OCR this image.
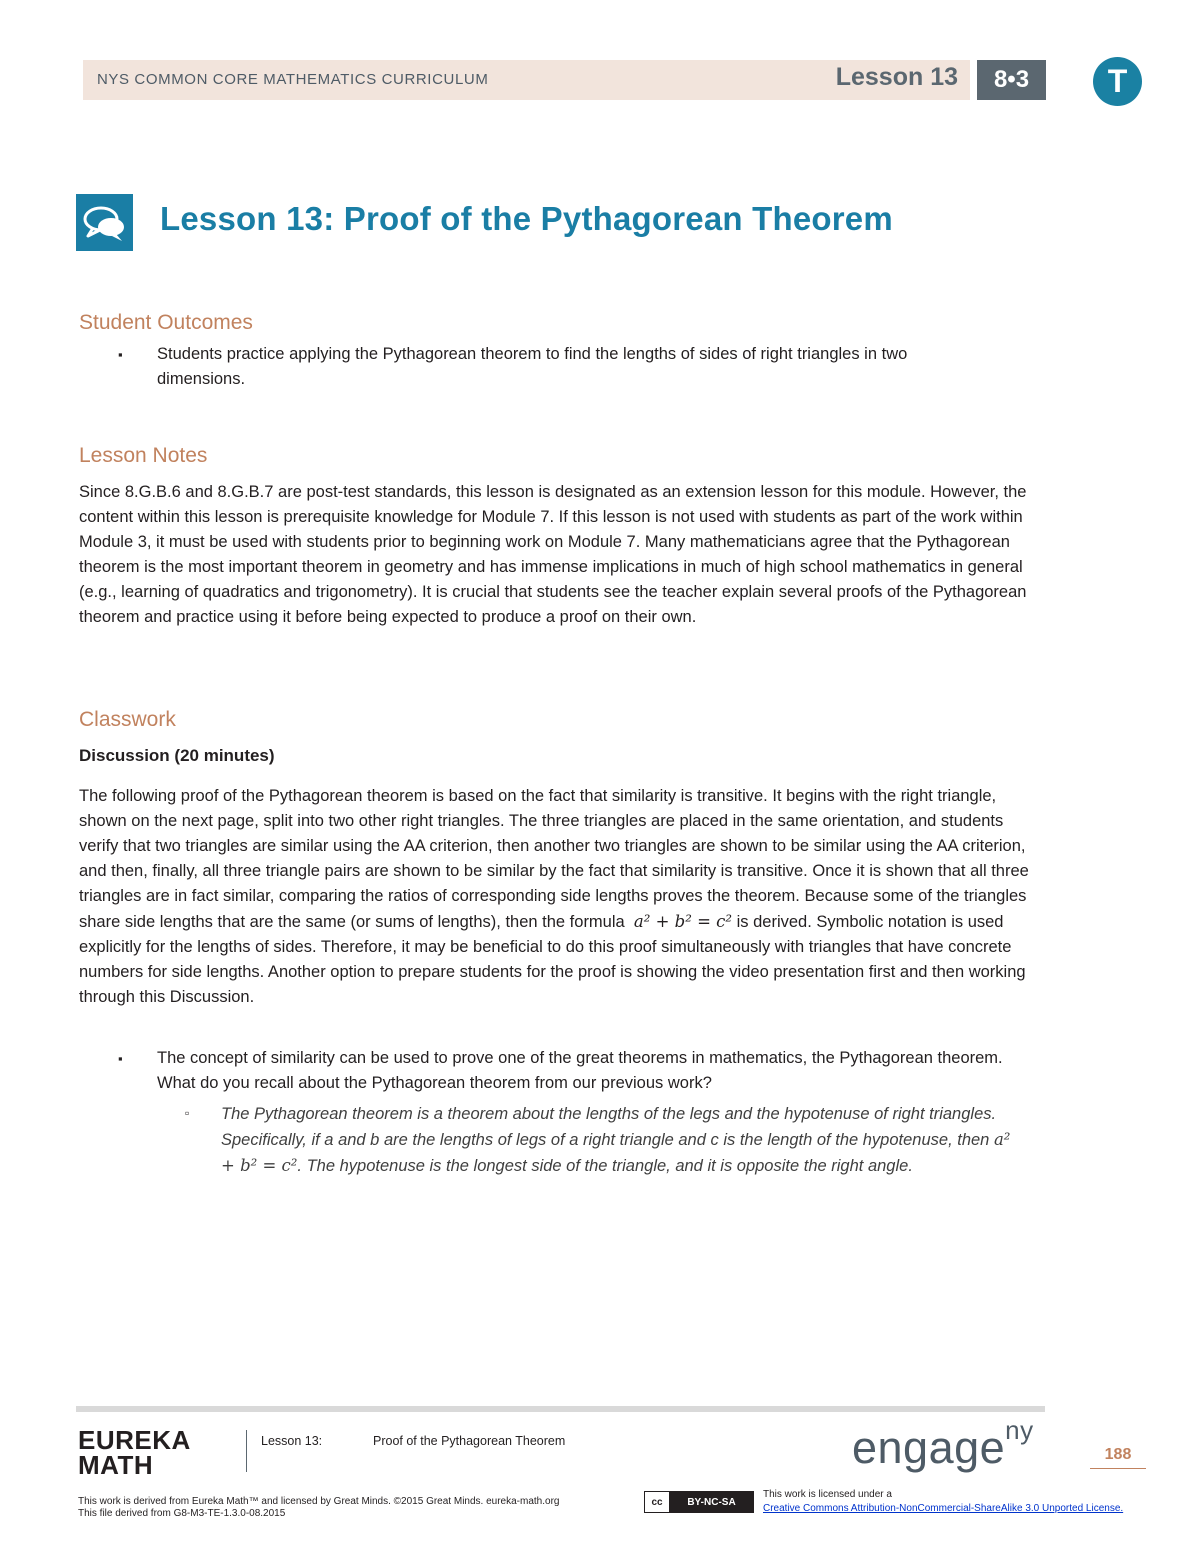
NYS COMMON CORE MATHEMATICS CURRICULUM	Lesson 13	8•3	T
Lesson 13: Proof of the Pythagorean Theorem
Student Outcomes
▪ Students practice applying the Pythagorean theorem to find the lengths of sides of right triangles in two dimensions.
Lesson Notes

Since 8.G.B.6 and 8.G.B.7 are post-test standards, this lesson is designated as an extension lesson for this module. However, the content within this lesson is prerequisite knowledge for Module 7. If this lesson is not used with students as part of the work within Module 3, it must be used with students prior to beginning work on Module 7. Many mathematicians agree that the Pythagorean theorem is the most important theorem in geometry and has immense implications in much of high school mathematics in general (e.g., learning of quadratics and trigonometry). It is crucial that students see the teacher explain several proofs of the Pythagorean theorem and practice using it before being expected to produce a proof on their own.

Classwork
Discussion (20 minutes)

The following proof of the Pythagorean theorem is based on the fact that similarity is transitive. It begins with the right triangle, shown on the next page, split into two other right triangles. The three triangles are placed in the same orientation, and students verify that two triangles are similar using the AA criterion, then another two triangles are shown to be similar using the AA criterion, and then, finally, all three triangle pairs are shown to be similar by the fact that similarity is transitive. Once it is shown that all three triangles are in fact similar, comparing the ratios of corresponding side lengths proves the theorem. Because some of the triangles share side lengths that are the same (or sums of lengths), then the formula a² + b² = c² is derived. Symbolic notation is used explicitly for the lengths of sides. Therefore, it may be beneficial to do this proof simultaneously with triangles that have concrete numbers for side lengths. Another option to prepare students for the proof is showing the video presentation first and then working through this Discussion.

▪ The concept of similarity can be used to prove one of the great theorems in mathematics, the Pythagorean theorem. What do you recall about the Pythagorean theorem from our previous work?

▫ The Pythagorean theorem is a theorem about the lengths of the legs and the hypotenuse of right triangles. Specifically, if a and b are the lengths of legs of a right triangle and c is the length of the hypotenuse, then a² + b² = c². The hypotenuse is the longest side of the triangle, and it is opposite the right angle.

EUREKA
MATH
Lesson 13:	Proof of the Pythagorean Theorem	engage$^{ny}$
188
This work is derived from Eureka Math™ and licensed by Great Minds. ©2015 Great Minds. eureka-math.org
This file derived from G8-M3-TE-1.3.0-08.2015
cc	BY-NC-SA
This work is licensed under a
Creative Commons Attribution-NonCommercial-ShareAlike 3.0 Unported License.
